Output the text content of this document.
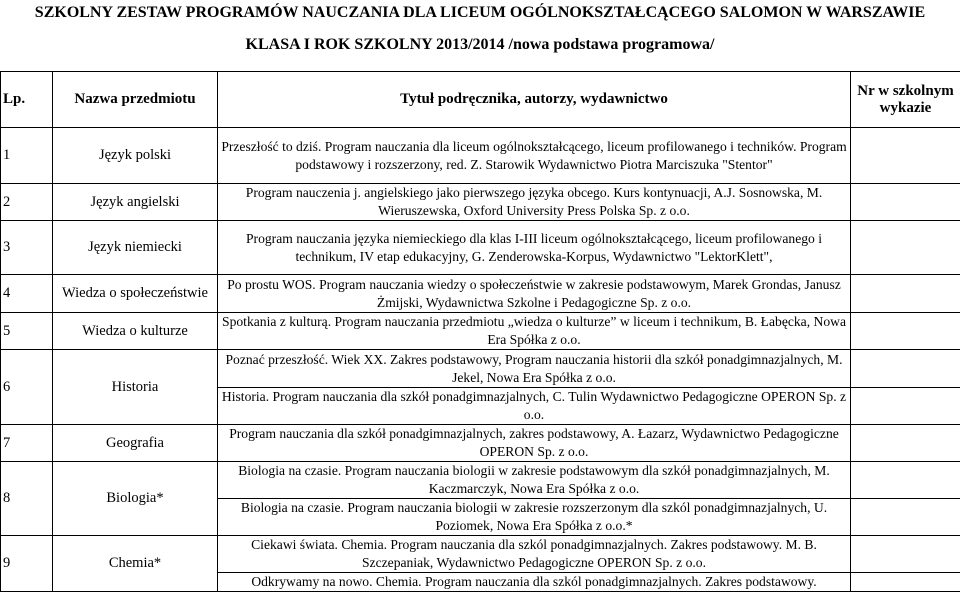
SZKOLNY ZESTAW PROGRAMÓW NAUCZANIA DLA LICEUM OGÓLNOKSZTAŁCĄCEGO SALOMON W WARSZAWIE
KLASA I ROK SZKOLNY 2013/2014 /nowa podstawa programowa/
Lp.	Nazwa przedmiotu	Tytuł podręcznika, autorzy, wydawnictwo	Nr w szkolnym wykazie
1	Język polski	Przeszłość to dziś. Program nauczania dla liceum ogólnokształcącego, liceum profilowanego i techników. Program podstawowy i rozszerzony, red. Z. Starowik Wydawnictwo Piotra Marciszuka "Stentor"	
2	Język angielski	Program nauczenia j. angielskiego jako pierwszego języka obcego. Kurs kontynuacji, A.J. Sosnowska, M. Wieruszewska, Oxford University Press Polska Sp. z o.o.	
3	Język niemiecki	Program nauczania języka niemieckiego dla klas I-III liceum ogólnokształcącego, liceum profilowanego i technikum, IV etap edukacyjny, G. Zenderowska-Korpus, Wydawnictwo "LektorKlett",	
4	Wiedza o społeczeństwie	Po prostu WOS. Program nauczania wiedzy o społeczeństwie w zakresie podstawowym, Marek Grondas, Janusz Żmijski, Wydawnictwa Szkolne i Pedagogiczne Sp. z o.o.	
5	Wiedza o kulturze	Spotkania z kulturą. Program nauczania przedmiotu „wiedza o kulturze” w liceum i technikum, B. Łabęcka, Nowa Era Spółka z o.o.	
6	Historia	Poznać przeszłość. Wiek XX. Zakres podstawowy, Program nauczania historii dla szkół ponadgimnazjalnych, M. Jekel, Nowa Era Spółka z o.o.	
		Historia. Program nauczania dla szkół ponadgimnazjalnych, C. Tulin Wydawnictwo Pedagogiczne OPERON Sp. z o.o.	
7	Geografia	Program nauczania dla szkół ponadgimnazjalnych, zakres podstawowy, A. Łazarz, Wydawnictwo Pedagogiczne OPERON Sp. z o.o.	
8	Biologia*	Biologia na czasie. Program nauczania biologii w zakresie podstawowym dla szkół ponadgimnazjalnych, M. Kaczmarczyk, Nowa Era Spółka z o.o.	
		Biologia na czasie. Program nauczania biologii w zakresie rozszerzonym dla szkól ponadgimnazjalnych, U. Poziomek, Nowa Era Spółka z o.o.*	
9	Chemia*	Ciekawi świata. Chemia. Program nauczania dla szkól ponadgimnazjalnych. Zakres podstawowy. M. B. Szczepaniak, Wydawnictwo Pedagogiczne OPERON Sp. z o.o.	
		Odkrywamy na nowo. Chemia. Program nauczania dla szkól ponadgimnazjalnych. Zakres podstawowy.	
